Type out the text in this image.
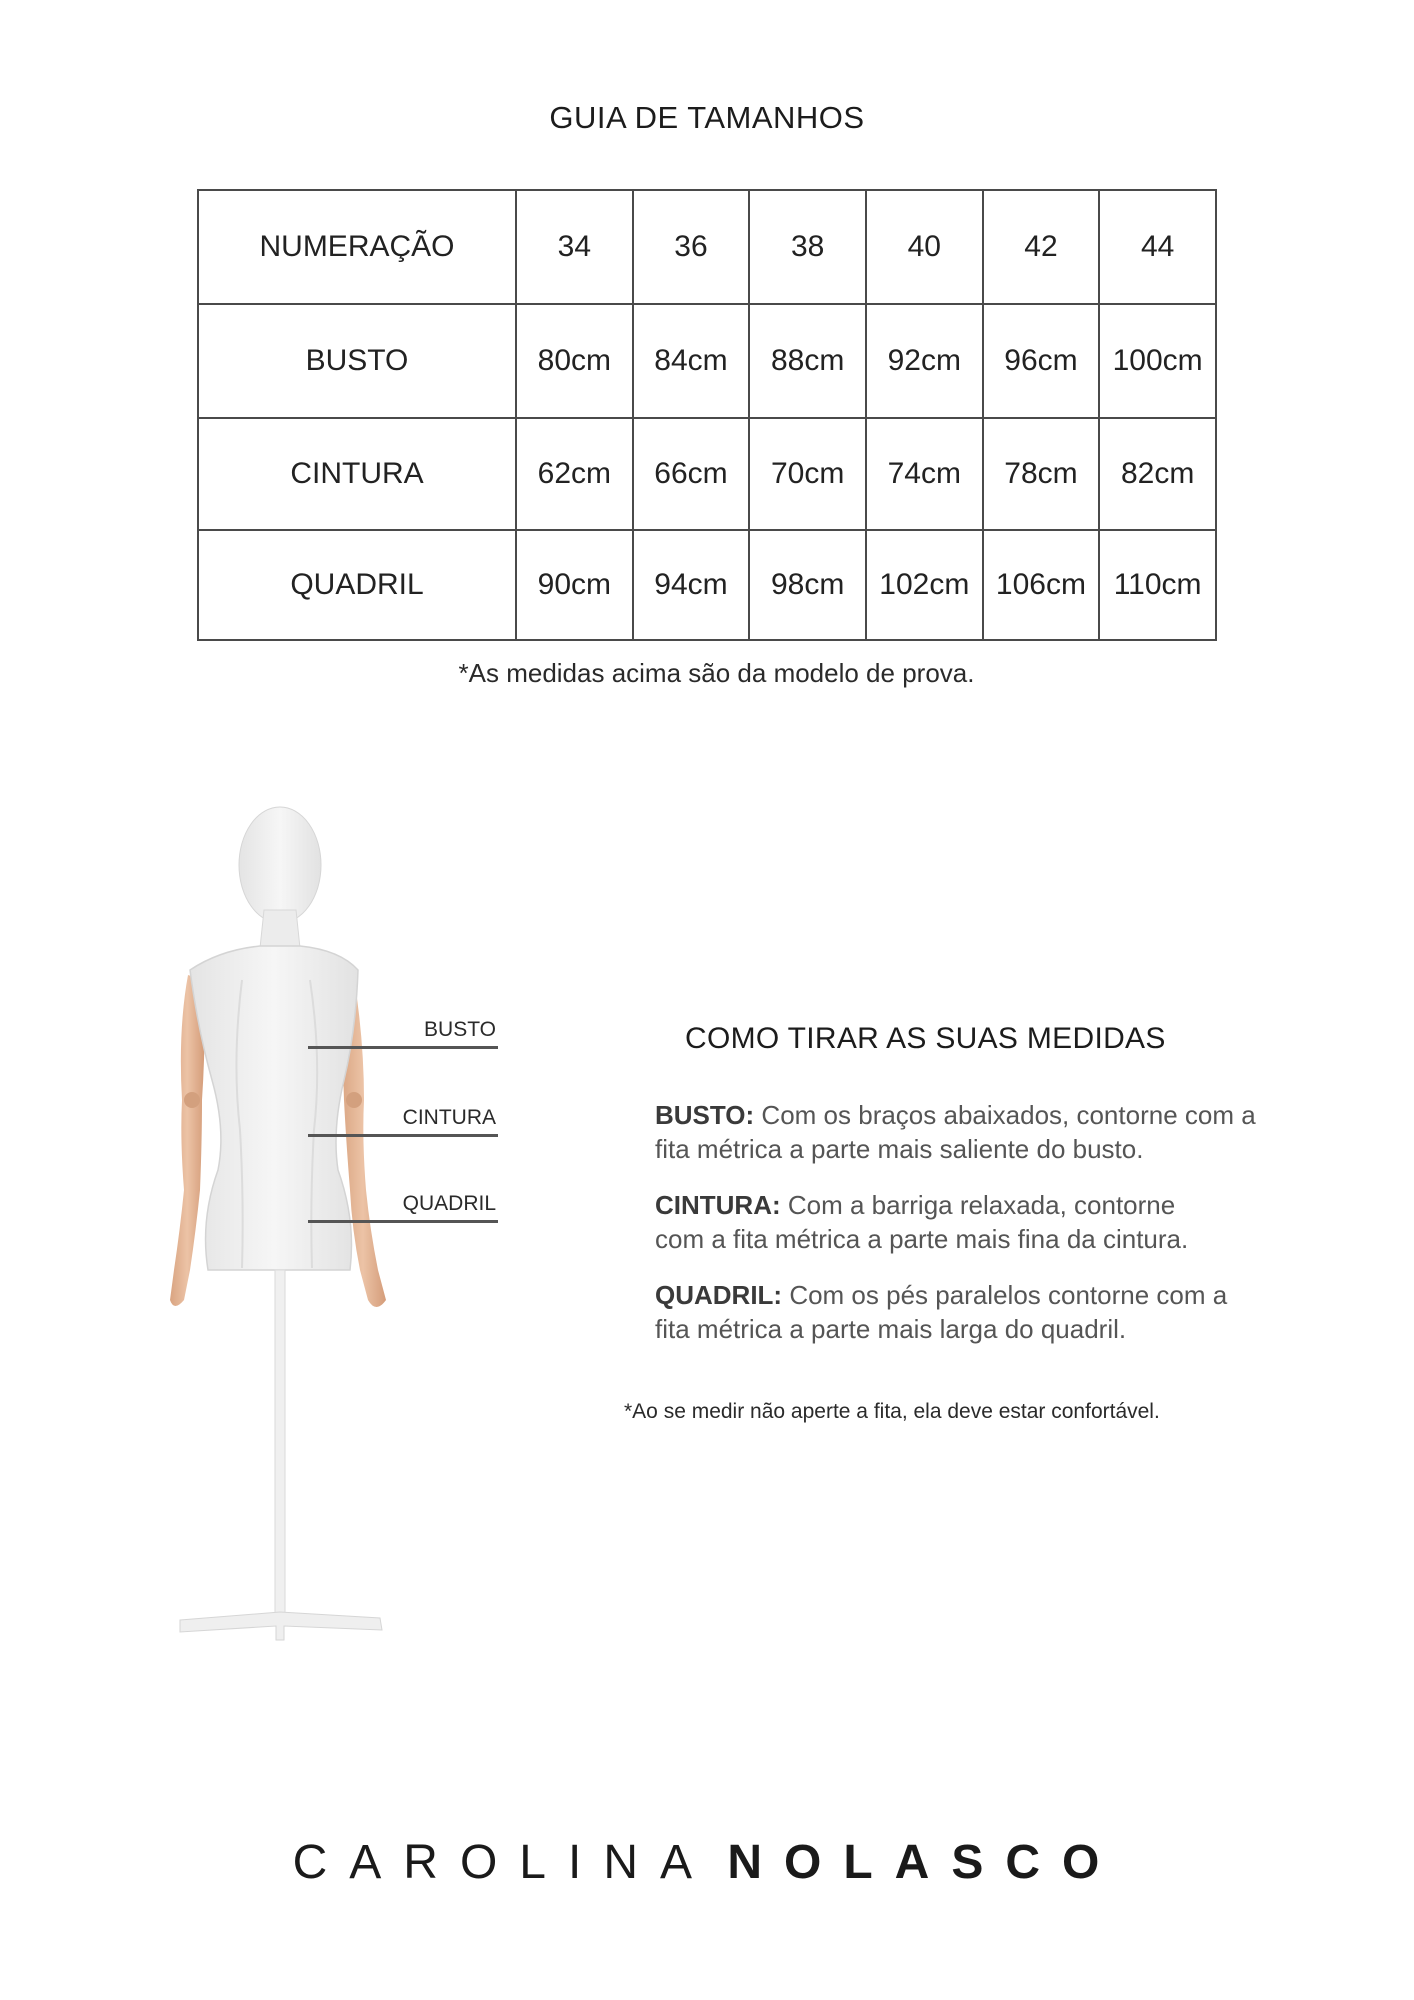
GUIA DE TAMANHOS
NUMERAÇÃO	34	36	38	40	42	44
BUSTO	80cm	84cm	88cm	92cm	96cm	100cm
CINTURA	62cm	66cm	70cm	74cm	78cm	82cm
QUADRIL	90cm	94cm	98cm	102cm	106cm	110cm
*As medidas acima são da modelo de prova.
BUSTO
CINTURA
QUADRIL
COMO TIRAR AS SUAS MEDIDAS
BUSTO: Com os braços abaixados, contorne com a fita métrica a parte mais saliente do busto.
CINTURA: Com a barriga relaxada, contorne com a fita métrica a parte mais fina da cintura.
QUADRIL: Com os pés paralelos contorne com a fita métrica a parte mais larga do quadril.
*Ao se medir não aperte a fita, ela deve estar confortável.
CAROLINA NOLASCO
